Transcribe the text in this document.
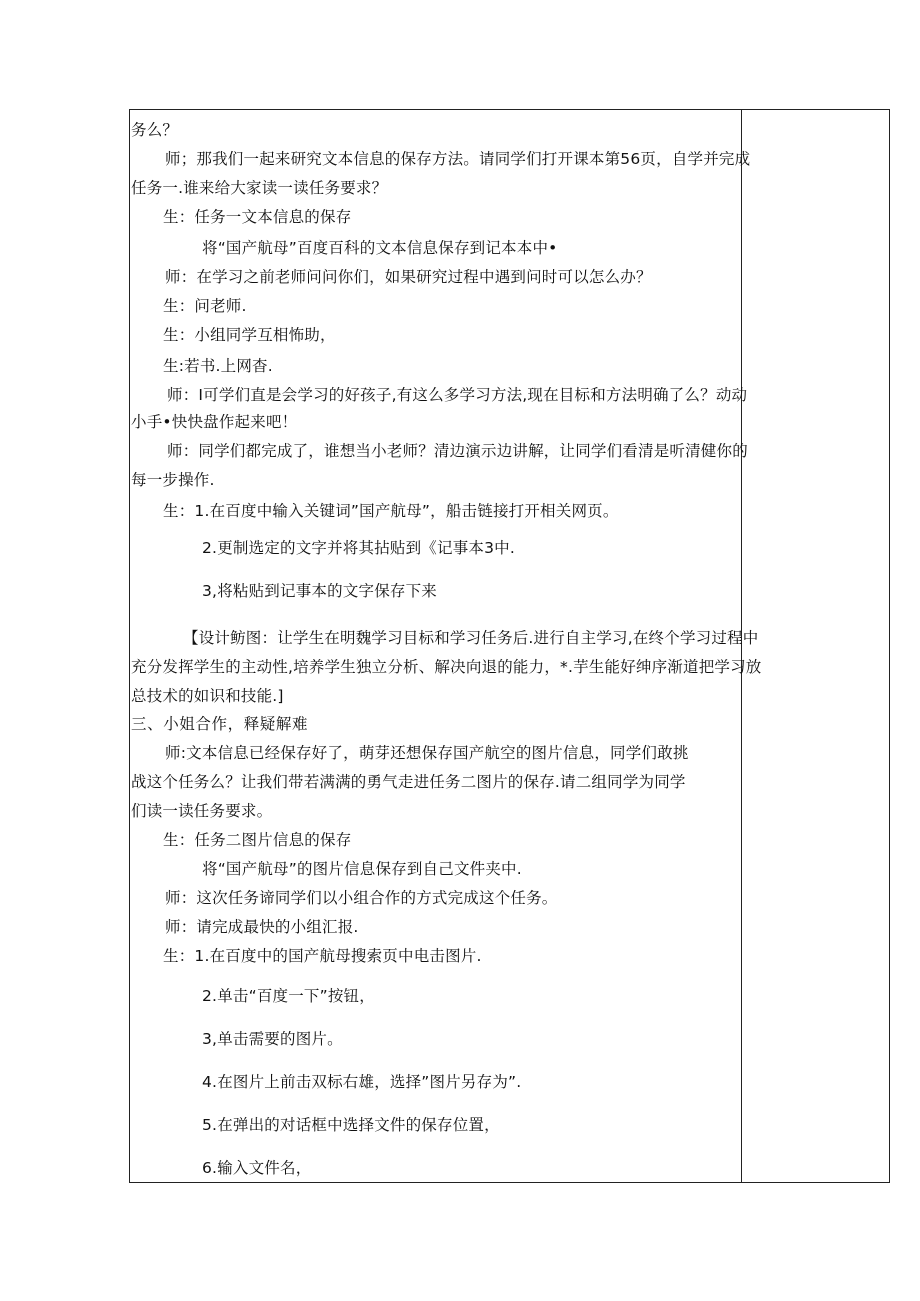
务么？
师；那我们一起来研究文本信息的保存方法。请同学们打开课本第56页，自学并完成
任务一.谁来给大家读一读任务要求？
生：任务一文本信息的保存
将“国产航母”百度百科的文本信息保存到记本本中•
师：在学习之前老师问问你们，如果研究过程中遇到问时可以怎么办？
生：问老师.
生：小组同学互相怖助，
生:若书.上网杳.
师：I可学们直是会学习的好孩子,有这么多学习方法,现在目标和方法明确了么？动动
小手•快快盘作起来吧！
师：同学们都完成了，谁想当小老师？清边演示边讲解，让同学们看清是听清健你的
每一步操作.
生：1.在百度中输入关键词”国产航母”，船击链接打开相关网页。
2.更制选定的文字并将其拈贴到《记事本3中.
3,将粘贴到记事本的文字保存下来
【设计鲂图：让学生在明魏学习目标和学习任务后.进行自主学习,在终个学习过程中
充分发挥学生的主动性,培养学生独立分析、解决向退的能力，*.芋生能好绅序渐道把学习放
总技术的如识和技能.]
三、小姐合作，释疑解难
师:文本信息已经保存好了，萌芽还想保存国产航空的图片信息，同学们敢挑
战这个任务么？让我们带若满满的勇气走进任务二图片的保存.请二组同学为同学
们读一读任务要求。
生：任务二图片信息的保存
将“国产航母”的图片信息保存到自己文件夹中.
师：这次任务谛同学们以小组合作的方式完成这个任务。
师：请完成最快的小组汇报.
生：1.在百度中的国产航母搜索页中电击图片.
2.单击“百度一下”按钮，
3,单击需要的图片。
4.在图片上前击双标右雄，选择”图片另存为”.
5.在弹出的对话框中选择文件的保存位置，
6.输入文件名，
